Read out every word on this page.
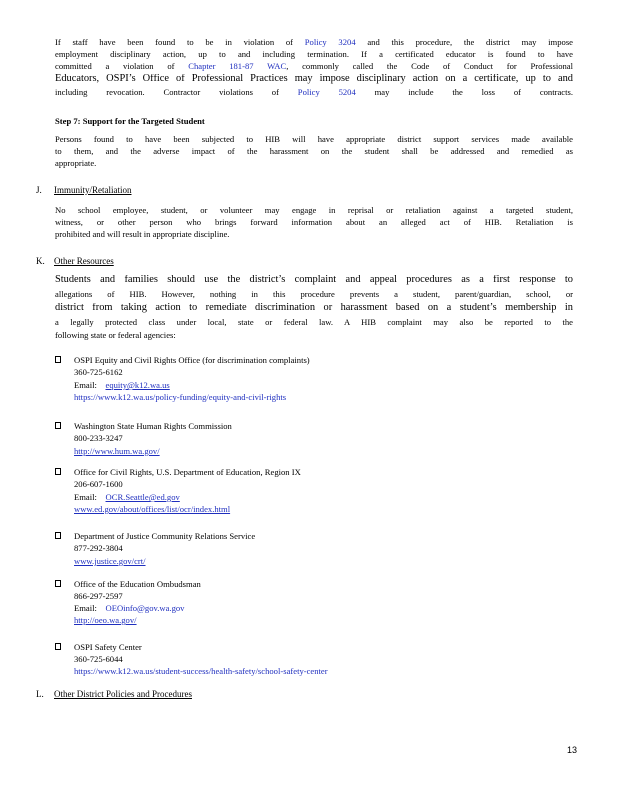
If staff have been found to be in violation of Policy 3204 and this procedure, the district may impose
employment disciplinary action, up to and including termination. If a certificated educator is found to have
committed a violation of Chapter 181-87 WAC, commonly called the Code of Conduct for Professional
Educators, OSPI’s Office of Professional Practices may impose disciplinary action on a certificate, up to and
including revocation. Contractor violations of Policy 5204 may include the loss of contracts.
Step 7: Support for the Targeted Student
Persons found to have been subjected to HIB will have appropriate district support services made available
to them, and the adverse impact of the harassment on the student shall be addressed and remedied as
appropriate.
J. Immunity/Retaliation
No school employee, student, or volunteer may engage in reprisal or retaliation against a targeted student,
witness, or other person who brings forward information about an alleged act of HIB. Retaliation is
prohibited and will result in appropriate discipline.
K. Other Resources
Students and families should use the district’s complaint and appeal procedures as a first response to
allegations of HIB. However, nothing in this procedure prevents a student, parent/guardian, school, or
district from taking action to remediate discrimination or harassment based on a student’s membership in
a legally protected class under local, state or federal law. A HIB complaint may also be reported to the
following state or federal agencies:
OSPI Equity and Civil Rights Office (for discrimination complaints)
360-725-6162
Email: equity@k12.wa.us
https://www.k12.wa.us/policy-funding/equity-and-civil-rights
Washington State Human Rights Commission
800-233-3247
http://www.hum.wa.gov/
Office for Civil Rights, U.S. Department of Education, Region IX
206-607-1600
Email: OCR.Seattle@ed.gov
www.ed.gov/about/offices/list/ocr/index.html
Department of Justice Community Relations Service
877-292-3804
www.justice.gov/crt/
Office of the Education Ombudsman
866-297-2597
Email: OEOinfo@gov.wa.gov
http://oeo.wa.gov/
OSPI Safety Center
360-725-6044
https://www.k12.wa.us/student-success/health-safety/school-safety-center
L. Other District Policies and Procedures
13
